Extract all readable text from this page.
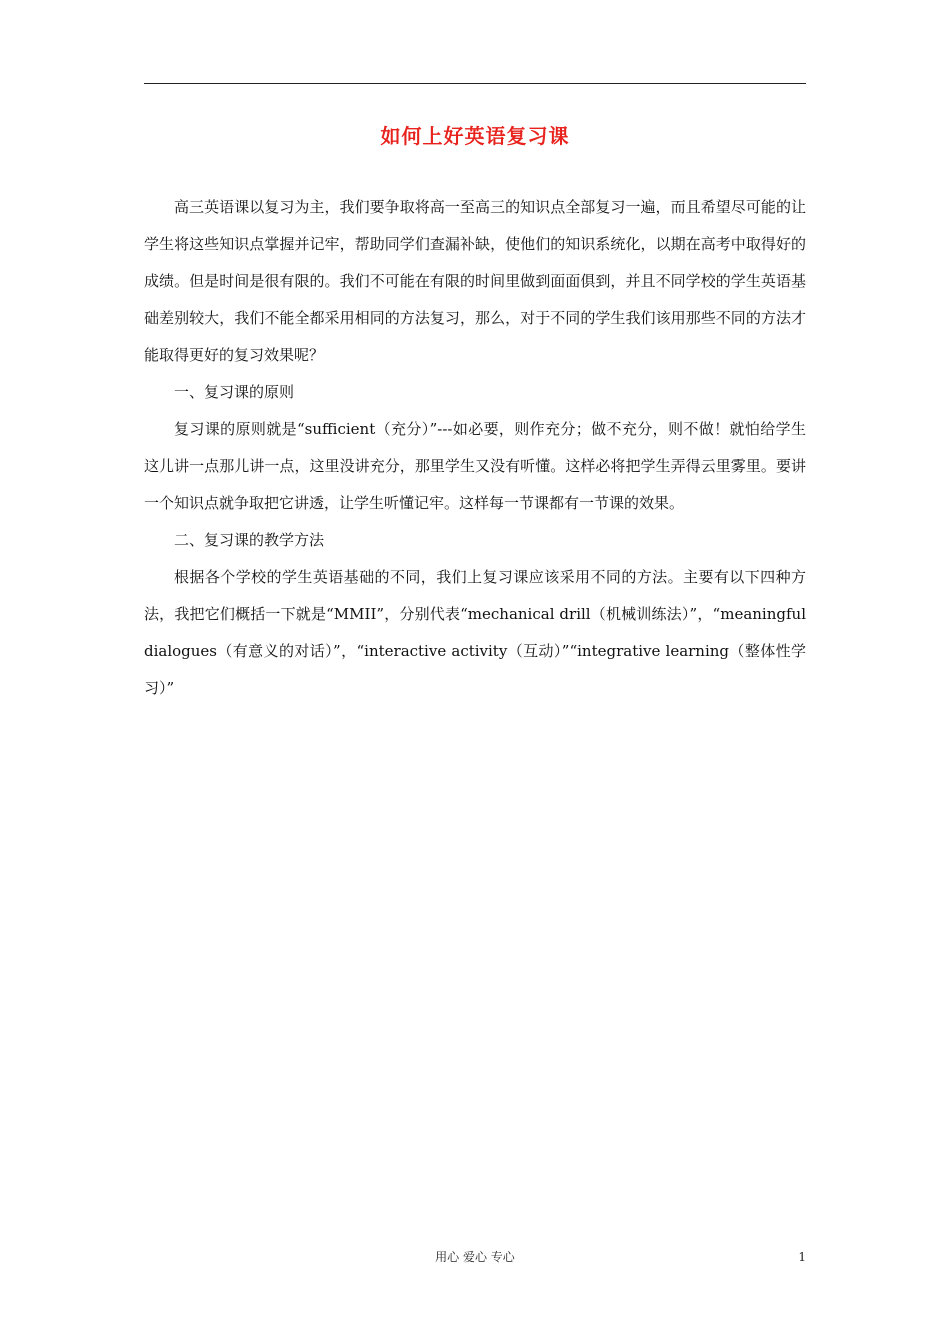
如何上好英语复习课

高三英语课以复习为主，我们要争取将高一至高三的知识点全部复习一遍，而且希望尽可能的让学生将这些知识点掌握并记牢，帮助同学们查漏补缺，使他们的知识系统化，以期在高考中取得好的成绩。但是时间是很有限的。我们不可能在有限的时间里做到面面俱到，并且不同学校的学生英语基础差别较大，我们不能全都采用相同的方法复习，那么，对于不同的学生我们该用那些不同的方法才能取得更好的复习效果呢？

一、复习课的原则

复习课的原则就是“sufficient（充分）”---如必要，则作充分；做不充分，则不做！就怕给学生这儿讲一点那儿讲一点，这里没讲充分，那里学生又没有听懂。这样必将把学生弄得云里雾里。要讲一个知识点就争取把它讲透，让学生听懂记牢。这样每一节课都有一节课的效果。

二、复习课的教学方法

根据各个学校的学生英语基础的不同，我们上复习课应该采用不同的方法。主要有以下四种方法，我把它们概括一下就是“MMII”，分别代表“mechanical drill（机械训练法）”，“meaningful dialogues（有意义的对话）”，“interactive activity（互动）”“integrative learning（整体性学习）”

用心 爱心 专心	1
